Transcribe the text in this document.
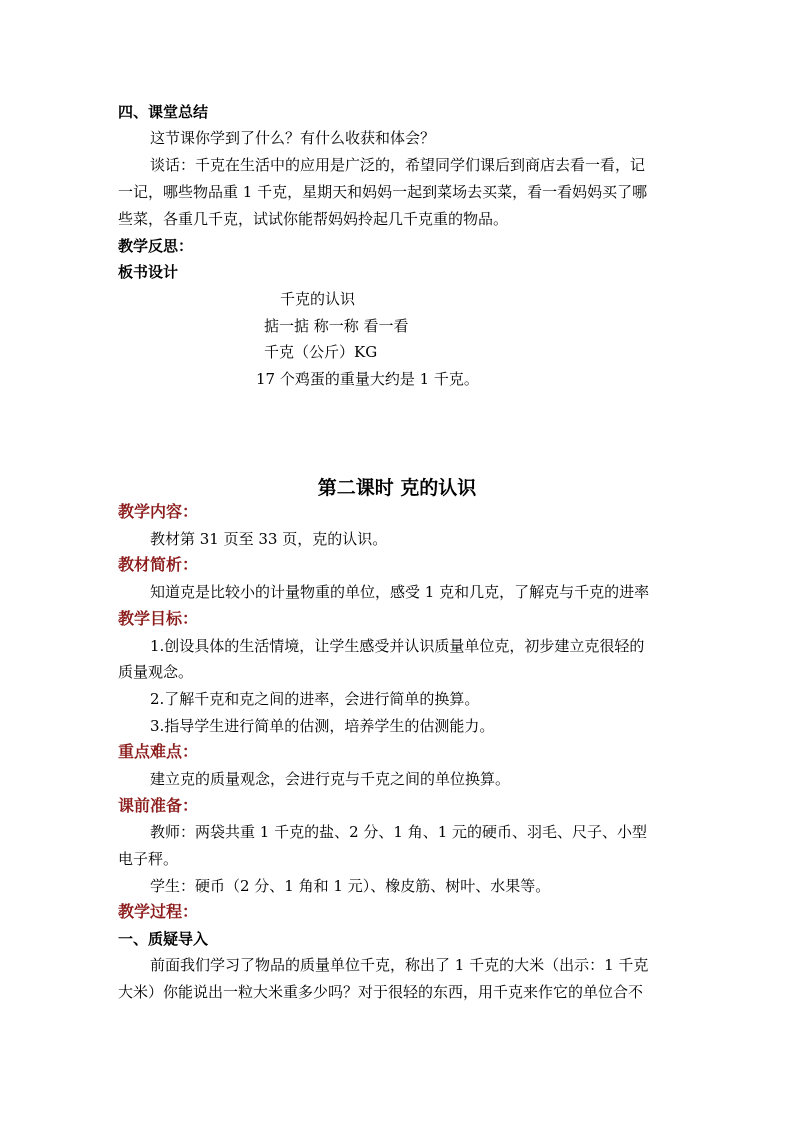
四、课堂总结
这节课你学到了什么？有什么收获和体会？
谈话：千克在生活中的应用是广泛的，希望同学们课后到商店去看一看，记
一记，哪些物品重 1 千克，星期天和妈妈一起到菜场去买菜，看一看妈妈买了哪
些菜，各重几千克，试试你能帮妈妈拎起几千克重的物品。
教学反思：
板书设计
千克的认识
掂一掂 称一称 看一看
千克（公斤）KG
17 个鸡蛋的重量大约是 1 千克。
第二课时 克的认识
教学内容：
教材第 31 页至 33 页，克的认识。
教材简析：
知道克是比较小的计量物重的单位，感受 1 克和几克，了解克与千克的进率
教学目标：
1.创设具体的生活情境，让学生感受并认识质量单位克，初步建立克很轻的
质量观念。
2.了解千克和克之间的进率，会进行简单的换算。
3.指导学生进行简单的估测，培养学生的估测能力。
重点难点：
建立克的质量观念，会进行克与千克之间的单位换算。
课前准备：
教师：两袋共重 1 千克的盐、2 分、1 角、1 元的硬币、羽毛、尺子、小型
电子秤。
学生：硬币（2 分、1 角和 1 元）、橡皮筋、树叶、水果等。
教学过程：
一、质疑导入
前面我们学习了物品的质量单位千克，称出了 1 千克的大米（出示：1 千克
大米）你能说出一粒大米重多少吗？对于很轻的东西，用千克来作它的单位合不
